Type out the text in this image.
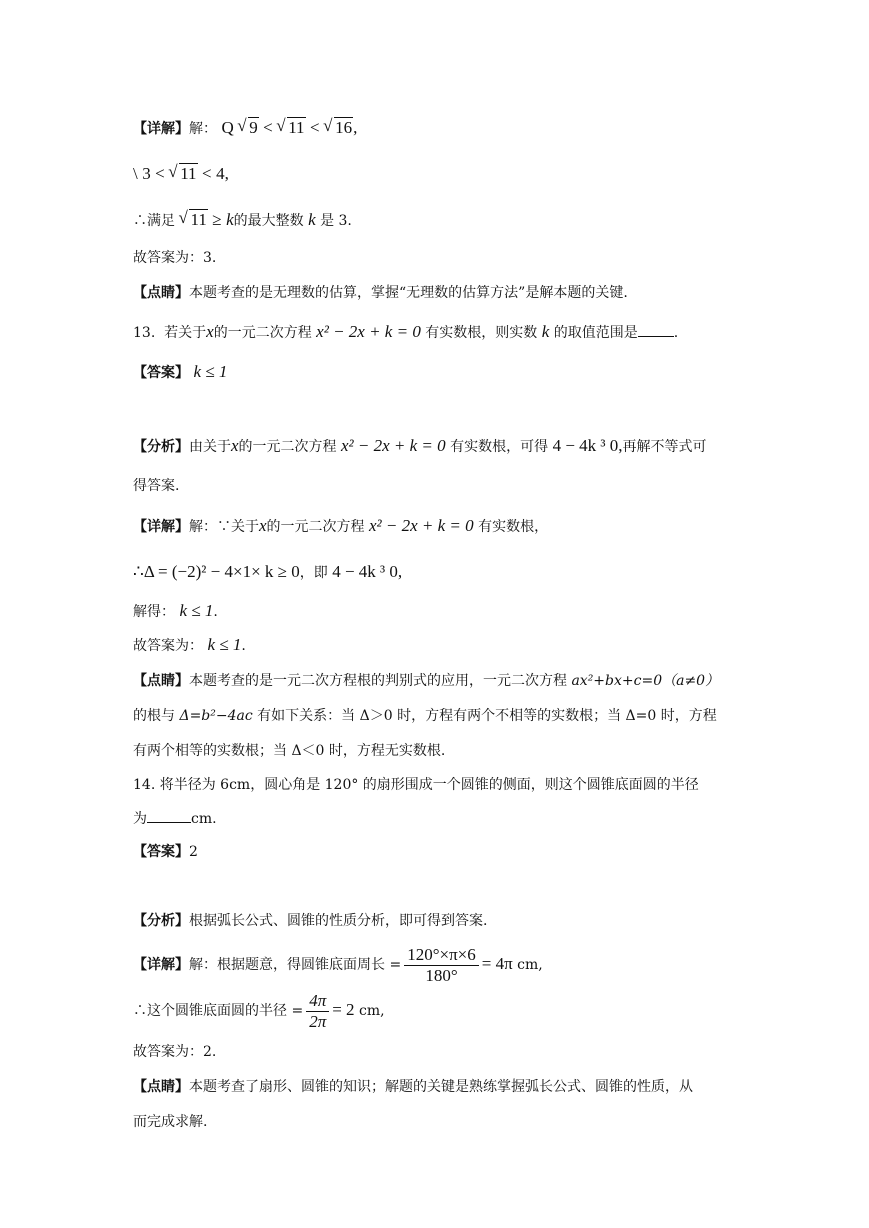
【详解】解： Q √ 9 < √ 11 < √ 16,
\ 3 < √ 11 < 4,
∴满足 √ 11 ≥ k的最大整数 k 是 3.
故答案为：3.
【点睛】本题考查的是无理数的估算，掌握“无理数的估算方法”是解本题的关键.
13. 若关于x的一元二次方程 x² − 2x + k = 0 有实数根，则实数 k 的取值范围是	.
【答案】 k ≤ 1
【分析】由关于x的一元二次方程 x² − 2x + k = 0 有实数根，可得 4 − 4k ³ 0,再解不等式可
得答案.
【详解】解：∵关于x的一元二次方程 x² − 2x + k = 0 有实数根，
∴Δ = (−2)² − 4×1× k ≥ 0，即 4 − 4k ³ 0,
解得： k ≤ 1.
故答案为： k ≤ 1.
【点睛】本题考查的是一元二次方程根的判别式的应用，一元二次方程 ax²+bx+c=0（a≠0）
的根与 Δ=b²−4ac 有如下关系：当 Δ＞0 时，方程有两个不相等的实数根；当 Δ=0 时，方程
有两个相等的实数根；当 Δ＜0 时，方程无实数根.
14. 将半径为 6cm，圆心角是 120° 的扇形围成一个圆锥的侧面，则这个圆锥底面圆的半径
为	cm.
【答案】2
【分析】根据弧长公式、圆锥的性质分析，即可得到答案.
【详解】解：根据题意，得圆锥底面周长 = $\frac{120^\circ\times\pi\times 6}{180^\circ} = 4\pi$ cm,
∴这个圆锥底面圆的半径 = $\frac{4\pi}{2\pi} = 2$ cm,
故答案为：2.
【点睛】本题考查了扇形、圆锥的知识；解题的关键是熟练掌握弧长公式、圆锥的性质，从
而完成求解.
